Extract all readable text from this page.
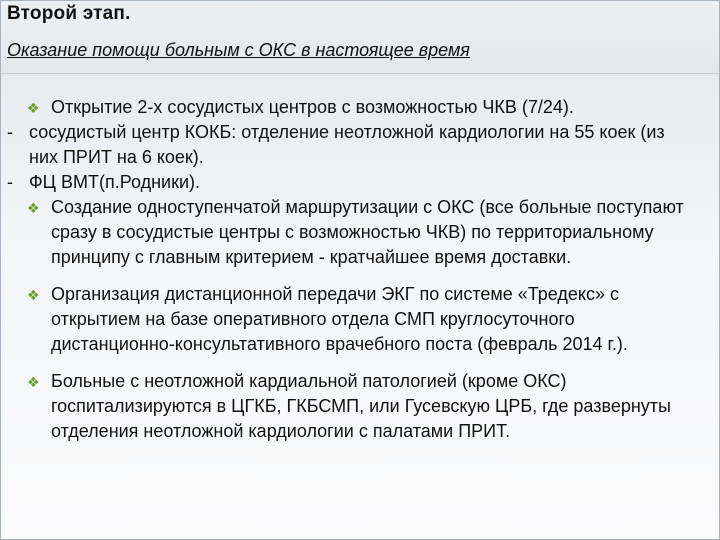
Второй этап.
Оказание помощи больным с ОКС в настоящее время
❖ Открытие 2-х сосудистых центров с возможностью ЧКВ (7/24).
- сосудистый центр КОКБ: отделение неотложной кардиологии на 55 коек (из них ПРИТ на 6 коек).
- ФЦ ВМТ(п.Родники).
❖ Создание одноступенчатой маршрутизации с ОКС (все больные поступают сразу в сосудистые центры с возможностью ЧКВ) по территориальному принципу с главным критерием - кратчайшее время доставки.
❖ Организация дистанционной передачи ЭКГ по системе «Тредекс» с открытием на базе оперативного отдела СМП круглосуточного дистанционно-консультативного врачебного поста (февраль 2014 г.).
❖ Больные с неотложной кардиальной патологией (кроме ОКС) госпитализируются в ЦГКБ, ГКБСМП, или Гусевскую ЦРБ, где развернуты отделения неотложной кардиологии с палатами ПРИТ.
